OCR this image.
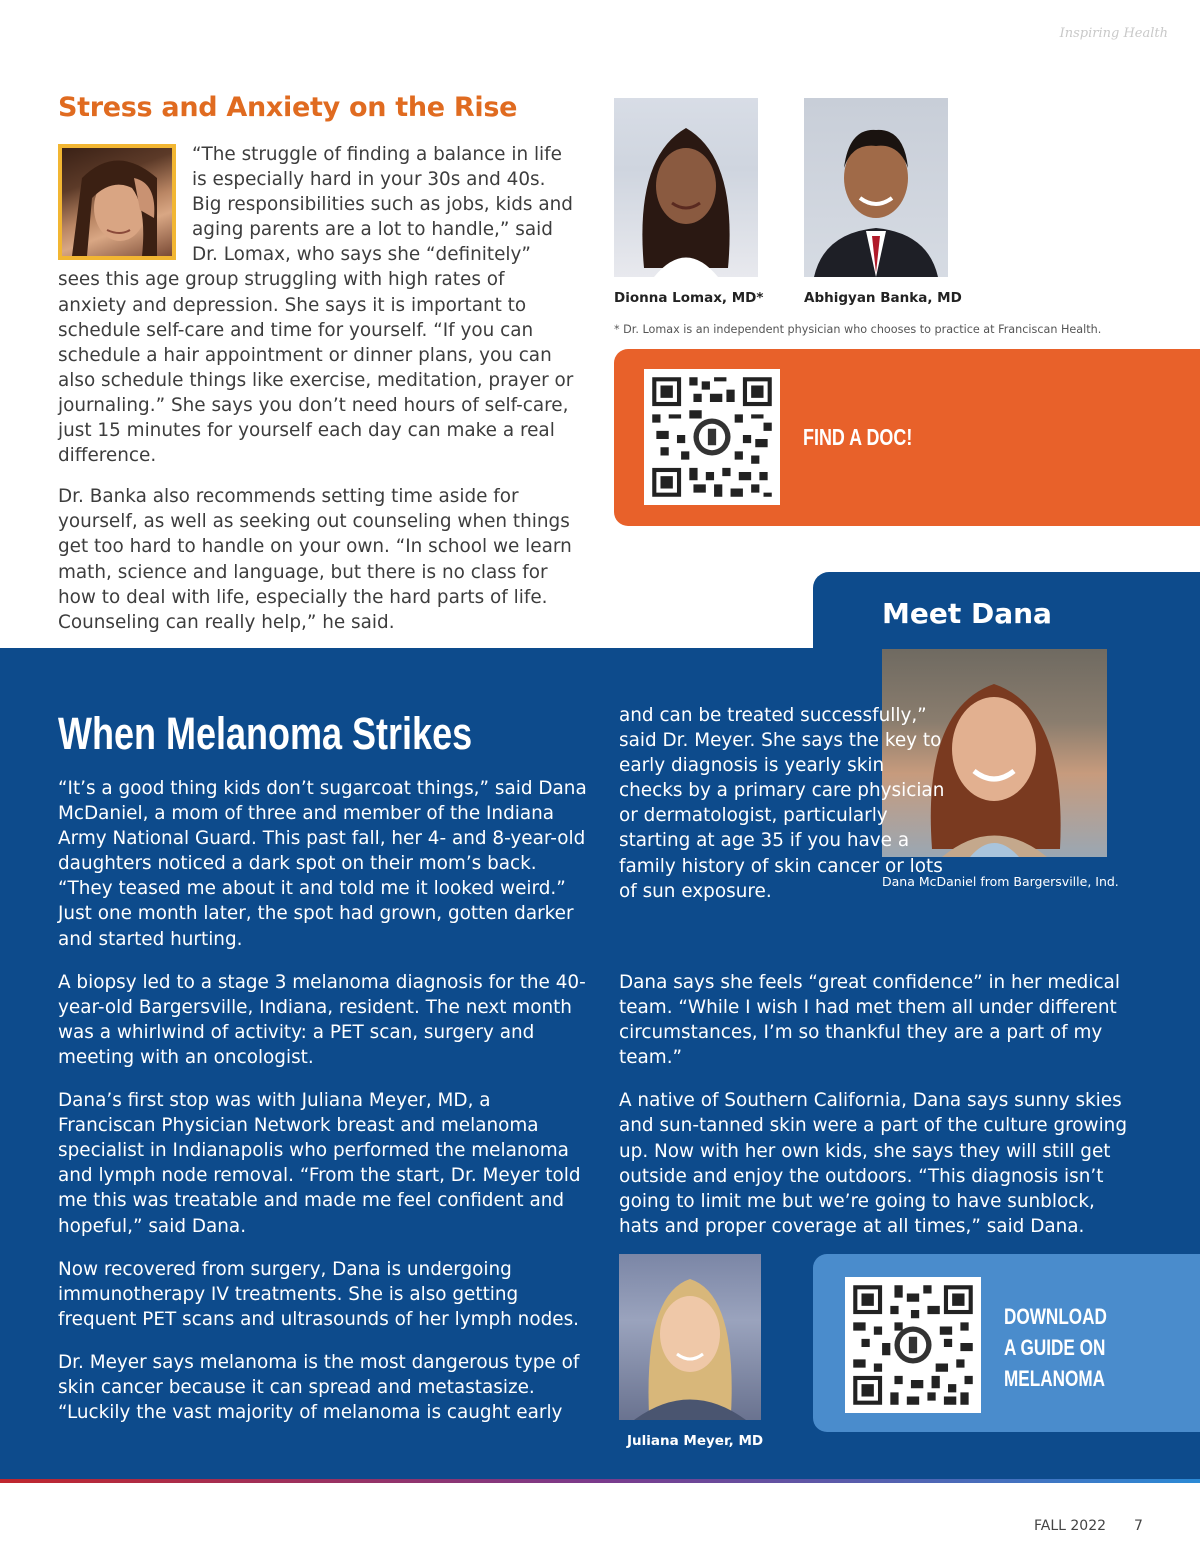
Inspiring Health
Stress and Anxiety on the Rise

“The struggle of finding a balance in life is especially hard in your 30s and 40s. Big responsibilities such as jobs, kids and aging parents are a lot to handle,” said Dr. Lomax, who says she “definitely” sees this age group struggling with high rates of anxiety and depression. She says it is important to schedule self-care and time for yourself. “If you can schedule a hair appointment or dinner plans, you can also schedule things like exercise, meditation, prayer or journaling.” She says you don’t need hours of self-care, just 15 minutes for yourself each day can make a real difference.

Dr. Banka also recommends setting time aside for yourself, as well as seeking out counseling when things get too hard to handle on your own. “In school we learn math, science and language, but there is no class for how to deal with life, especially the hard parts of life. Counseling can really help,” he said.

Dionna Lomax, MD*	Abhigyan Banka, MD
* Dr. Lomax is an independent physician who chooses to practice at Franciscan Health.
FIND A DOC!
Meet Dana
Dana McDaniel from Bargersville, Ind.
When Melanoma Strikes

“It’s a good thing kids don’t sugarcoat things,” said Dana McDaniel, a mom of three and member of the Indiana Army National Guard. This past fall, her 4- and 8-year-old daughters noticed a dark spot on their mom’s back. “They teased me about it and told me it looked weird.” Just one month later, the spot had grown, gotten darker and started hurting.

A biopsy led to a stage 3 melanoma diagnosis for the 40-year-old Bargersville, Indiana, resident. The next month was a whirlwind of activity: a PET scan, surgery and meeting with an oncologist.

Dana’s first stop was with Juliana Meyer, MD, a Franciscan Physician Network breast and melanoma specialist in Indianapolis who performed the melanoma and lymph node removal. “From the start, Dr. Meyer told me this was treatable and made me feel confident and hopeful,” said Dana.

Now recovered from surgery, Dana is undergoing immunotherapy IV treatments. She is also getting frequent PET scans and ultrasounds of her lymph nodes.

Dr. Meyer says melanoma is the most dangerous type of skin cancer because it can spread and metastasize. “Luckily the vast majority of melanoma is caught early

and can be treated successfully,” said Dr. Meyer. She says the key to early diagnosis is yearly skin checks by a primary care physician or dermatologist, particularly starting at age 35 if you have a family history of skin cancer or lots of sun exposure.

Dana says she feels “great confidence” in her medical team. “While I wish I had met them all under different circumstances, I’m so thankful they are a part of my team.”

A native of Southern California, Dana says sunny skies and sun-tanned skin were a part of the culture growing up. Now with her own kids, she says they will still get outside and enjoy the outdoors. “This diagnosis isn’t going to limit me but we’re going to have sunblock, hats and proper coverage at all times,” said Dana.

Juliana Meyer, MD
DOWNLOAD
A GUIDE ON
MELANOMA
FALL 2022 7
